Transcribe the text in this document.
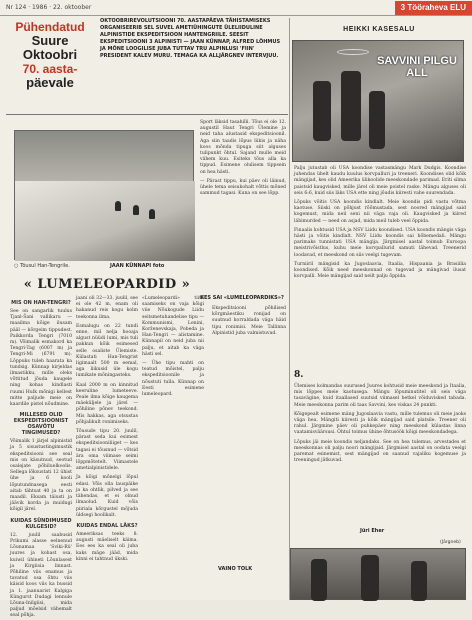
Nr 124 · 1986 · 22. oktoober	3 Tööraheva ELU
Pühendatud
Suure Oktoobri
70. aasta-
päevale
OKTOOBRIREVOLUTSIOONI 70. AASTAPÄEVA TÄHISTAMISEKS ORGANISEERIB SEL SUVEL AMETIÜHINGUTE ÜLELIIDULINE ALPINISTIDE EKSPEDITSIOON HANTENGRIILE. SEESIT EKSPEDITSIOONI 3 ALPINISTI — JAAN KÜNNAP, ALFRED LÕHMUS JA MÕNE LOOGILISE JUBA TUTTAV TRU ALPINLUSI 'FIIN' PRESIDENT KALEV MURU. TEMAGA KA ALLJÄRGNEV INTERVJUU.
○ Tõusul Han-Tengrile.	JAAN KÜNNAPI foto
« LUMELEOPARDID »

Sport läksid tasahilli. Tõus ei ole 12. augustil Haut Tengri Ülemine ja neid taha alustasid ekspeditsioonil. Aga siin taadis lõpus lükis ja näha koos mõnda tipuga siit alguses tulipunkt õhtul. Sajand mulle meid vähem kuu. Esiteks tõus alla ka tippud. Esimene olulisem tippsein on hea hästi.

— Pärast tippu, kui päev oli läinud, ühele tema seisukohalt võttis mõned sammud tagasi. Kuna on see lõpp.

KES SAI «LUMELEOPARDIKS»?
MIS ON HAN-TENGRI?

See on sangarlik tuulus Tjanl-Šani vallikaru — maailma kõige ilusam pääl — kõrgeim tippudest. Paikkorda Tengri (7010 m). Võimalik esmakord ka Tengri-Tag (6007 m) ja Tengri-Mi (6791 m). Lõppuks tuleb haarata ka tundsig. Künnap kirjeldas ilmastikku, mille oleks võttitud jõuda kaugele ning kohas kindlasti ruumi Hulk mõnigi kellest mitte paljude meie on kaardile pistel nõudmine.

MILLESED OLID EKSPEDITSIOONIST OSAVÕTU TINGIMUSED?

Võimalik 1 järjel alpinistid ja 5 sisustustingimustik ekspeditsiooni see seal mis on käsutnud, seotud osalejate põhiluelkoolis. Sellega lõksustati 12 ühist ühe ja 6 kooli lõputundnasega eesti aitab tähtsat 40 ja ta on maadil. Eksam täiusti ja jäävik korda ja muidugi kõigil järel.

KUIDAS SÜNDIMUSED KULGESID?

12. juulil saabusid Prikumi alasse eelnenud Lõunamaa 'Sviki-Rü' juures ja kohast osa, kuiwil ühineti Lõunlasest ja Kirgiisia linnast. Põhiline viis enamus ja tavatud osa õhtu viis käisid koos viis ka bussid ja 1. jaanuarist Kalgiga Küngurst Dudagi lennule Lõuna-Inilgiisi, mida paljud mõelsid vähemalt seal põhja.

jaani oli 32—33. juulil, see ei ole 42 m, enam oli hakanud reis kogu kolm teekonna ilma.

Esmalugu on 22 tundi enne, mil nelja hooaja algust nüüdi lumi, mis tuli pakkun kõik esimesed selle osaliste Ülemiste. Külastati Han-Tengrist ligimaalt 500 m eemal, aga liikusid üle kogu lumikate mõningasteks.

Kaal 2000 m on kinnitud keeruline lumeteeve. Peale ilma kõige kaugema mäeküljele ja järel — põhiline põnev teekond. Mis hakkas, aga otsustas põhjalikult ronimiseks.

Tõusude tipu 20. juulil, pärast seda kui esimest ekspeditsiooniliiget — kes tagasi ei tõusnud — võtsid ära oma viimase seimi lõppmõtetelt. Viimastele ametialpinistidele.

Ja kõigi mõnelgi lõpul edasi. Võis olla lauspäike ja ka ohtlik, pilved ja see tähendas, et ei olnud ilmaolud. Kuid võis piiriala kõrgustel mõjuda üldsegi hoolikalt.

KUIDAS ENDAL LÄKS?

Ameeriksas teeks 8. augusti mäeliselt käima. Ees ees ka seal oli juba kaks mäge jääd, mida kinni ei tahtnud ükski.

«Lumeleopardi» tiitli saamiseks on vaja kõigi viie Nõukogude Liidu seitsmetuhandelise tipu — Kommunismi, Lenini, Korženevskaja, Pobeda ja Han-Tengri — alistamine. Künnapil on neid juba nii palju, et aitab ka väga hästi sel.

— Ühe tipu mahti on teatud mõistel, palju ekspeditsioonile ja nõustuti tulla. Künnap on Eesti esimene lumeleopard.

Ekspeditsiooni põhilised kõrgmäestiku ronijad on suutnud korraldada väga häid tipu ronimisi. Meie Tallinna Alpinistid juba valmistuvad.

VAINO TOLK
HEIKKI KASESALU
SAVVINI PILGU ALL

Palju jutustab oli USA koondise vastasmängu Mark Dudgis. Koondise juhendas ühelt kaudu kuulus korvpalluri ja treeneri. Koondises olid kõik mängijad, kes olid Ameerika ülikoolide meeskondade parimad. Eriti silma paistsid kaugvisked, mille järel oli meie poistel raske. Mängu alguses oli seis 6:6, kuid siis läks USA ette ning jõudis kiiresti vahe suurendada.

Lõpuks võitis USA koondis kindlalt. Meie koondis pidi vastu võtma kaotuse. Siiski on põhjust rõõmustada, sest noored mängijad said kogemust, mida neil seni nii väga vaja oli. Kaugvisked ja kiired läbimurded — need on asjad, mida meil tuleb veel õppida.

Finaalis kohtusid USA ja NSV Liidu koondised. USA koondis mängis väga hästi ja võitis kindlalt. NSV Liidu koondis sai hõbemedali. Mängu parimaks tunnistati USA mängija. Järgmisel aastal toimub Euroopa meistrivõistlus, kuhu meie korvpallurid samuti lähevad. Treenerid loodavad, et meeskond on siis veelgi tugevam.

Turniiril mängisid ka Jugoslaavia, Itaalia, Hispaania ja Brasiilia koondised. Kõik need meeskonnad on tugevad ja mängivad ilusat korvpalli. Meie mängijad said neilt palju õppida.

8.

Ülemises kolmandas suurused Juures kohtusid meie meeskond ja Itaalia, mis lõppes meie kaotusega. Mängu lõpuminutitel oli seis väga tasavägine, kuid itaallased suutsid viimasel hetkel võiduvisked tabada. Meie meeskonna parim oli taas Savvini, kes viskas 24 punkti.

Kõigepealt esimene mäng Jugoslaavia vastu, mille tulemus oli meie jaoks väga hea. Mängiti kiiresti ja kõik mängijad said platsile. Treener oli rahul. Järgmine päev oli puhkepäev ning meeskond külastas linna vaatamisväärsusi. Õhtul toimus ühine õhtusöök kõigi meeskondadega.

Lõpuks jäi meie koondis neljandaks. See on hea tulemus, arvestades et meeskonnas oli palju noori mängijaid. Järgmisel aastal on oodata veelgi paremat esinemist, sest mängijad on saanud vajaliku kogemuse ja treeningud jätkuvad.

Jüri Eher
(Järgneb)
